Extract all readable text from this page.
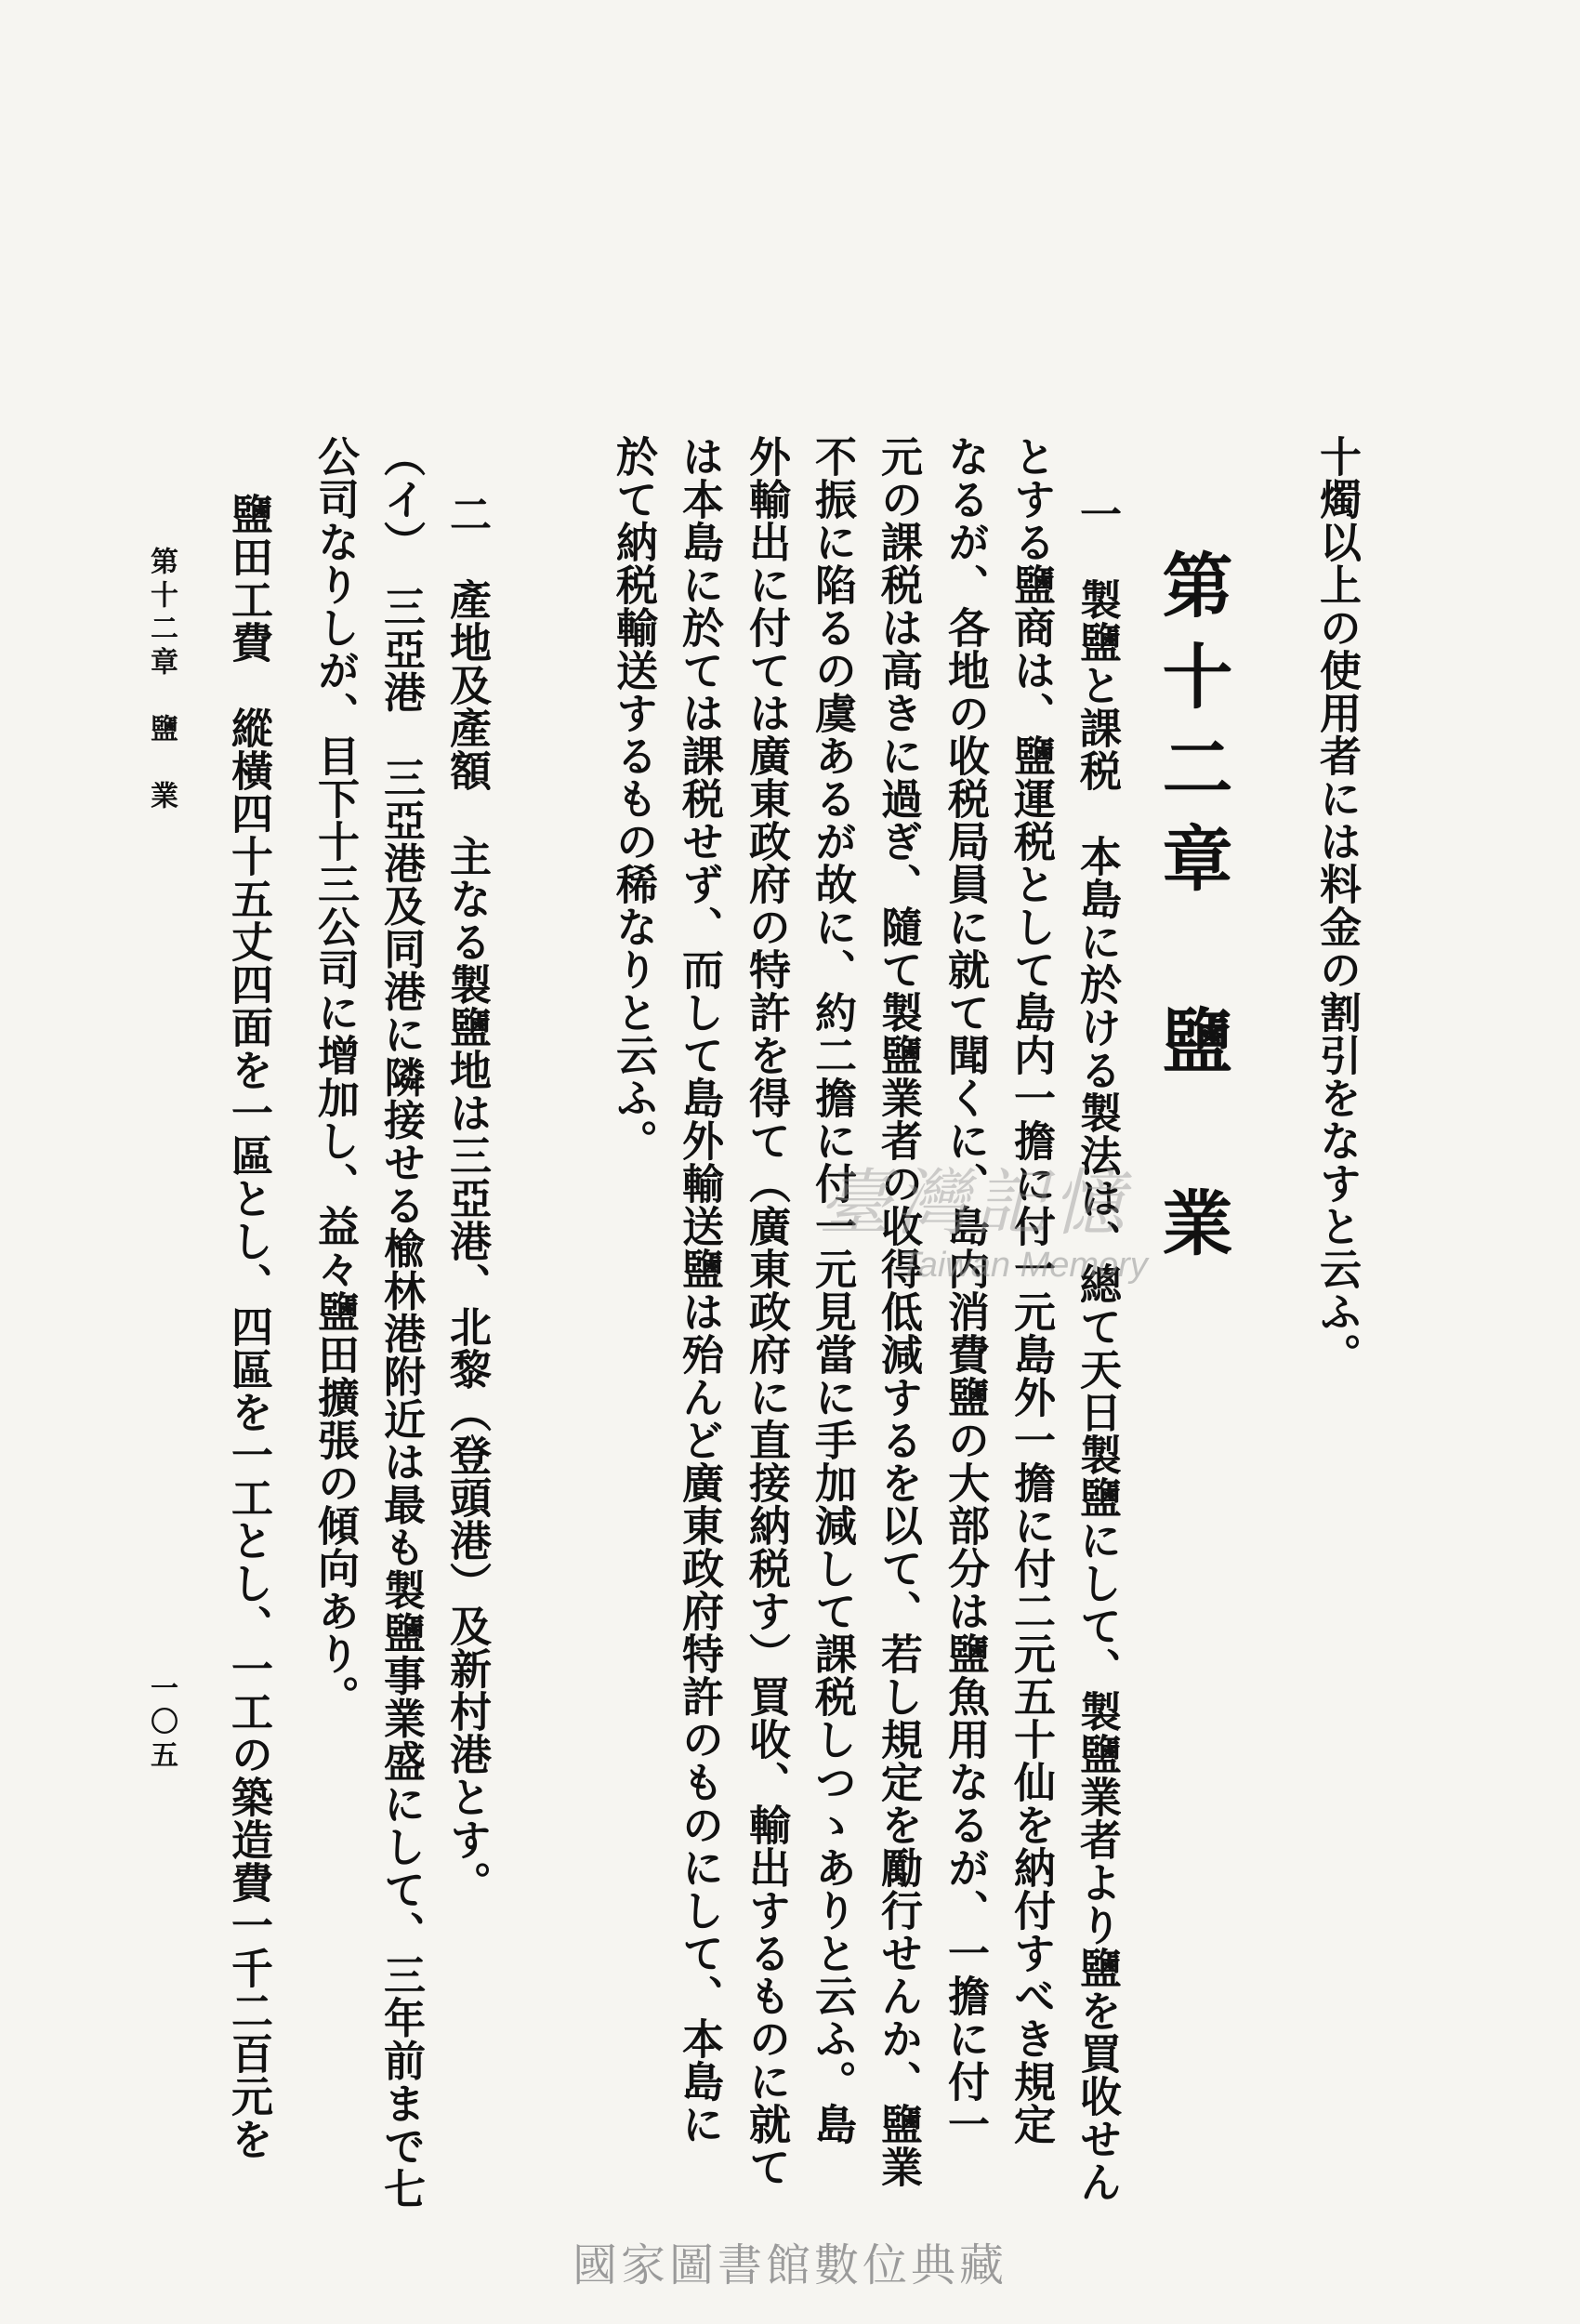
十燭以上の使用者には料金の割引をなすと云ふ。
第十二章　鹽　業
一　製鹽と課税　本島に於ける製法は、總て天日製鹽にして、製鹽業者より鹽を買收せん
とする鹽商は、鹽運税として島内一擔に付一元島外一擔に付二元五十仙を納付すべき規定
なるが、各地の收税局員に就て聞くに、島内消費鹽の大部分は鹽魚用なるが、一擔に付一
元の課税は高きに過ぎ、隨て製鹽業者の收得低減するを以て、若し規定を勵行せんか、鹽業
不振に陷るの虞あるが故に、約二擔に付一元見當に手加減して課税しつゝありと云ふ。島
外輸出に付ては廣東政府の特許を得て（廣東政府に直接納税す）買收、輸出するものに就て
は本島に於ては課税せず、而して島外輸送鹽は殆んど廣東政府特許のものにして、本島に
於て納税輸送するもの稀なりと云ふ。
二　產地及產額　主なる製鹽地は三亞港、北黎（登頭港）及新村港とす。
（イ）　三亞港　三亞港及同港に隣接せる楡林港附近は最も製鹽事業盛にして、三年前まで七
公司なりしが、目下十三公司に增加し、益々鹽田擴張の傾向あり。
鹽田工費　縱橫四十五丈四面を一區とし、四區を一工とし、一工の築造費一千二百元を
第十二章　鹽　業
一〇五
臺灣記憶
Taiwan Memory
國家圖書館數位典藏
